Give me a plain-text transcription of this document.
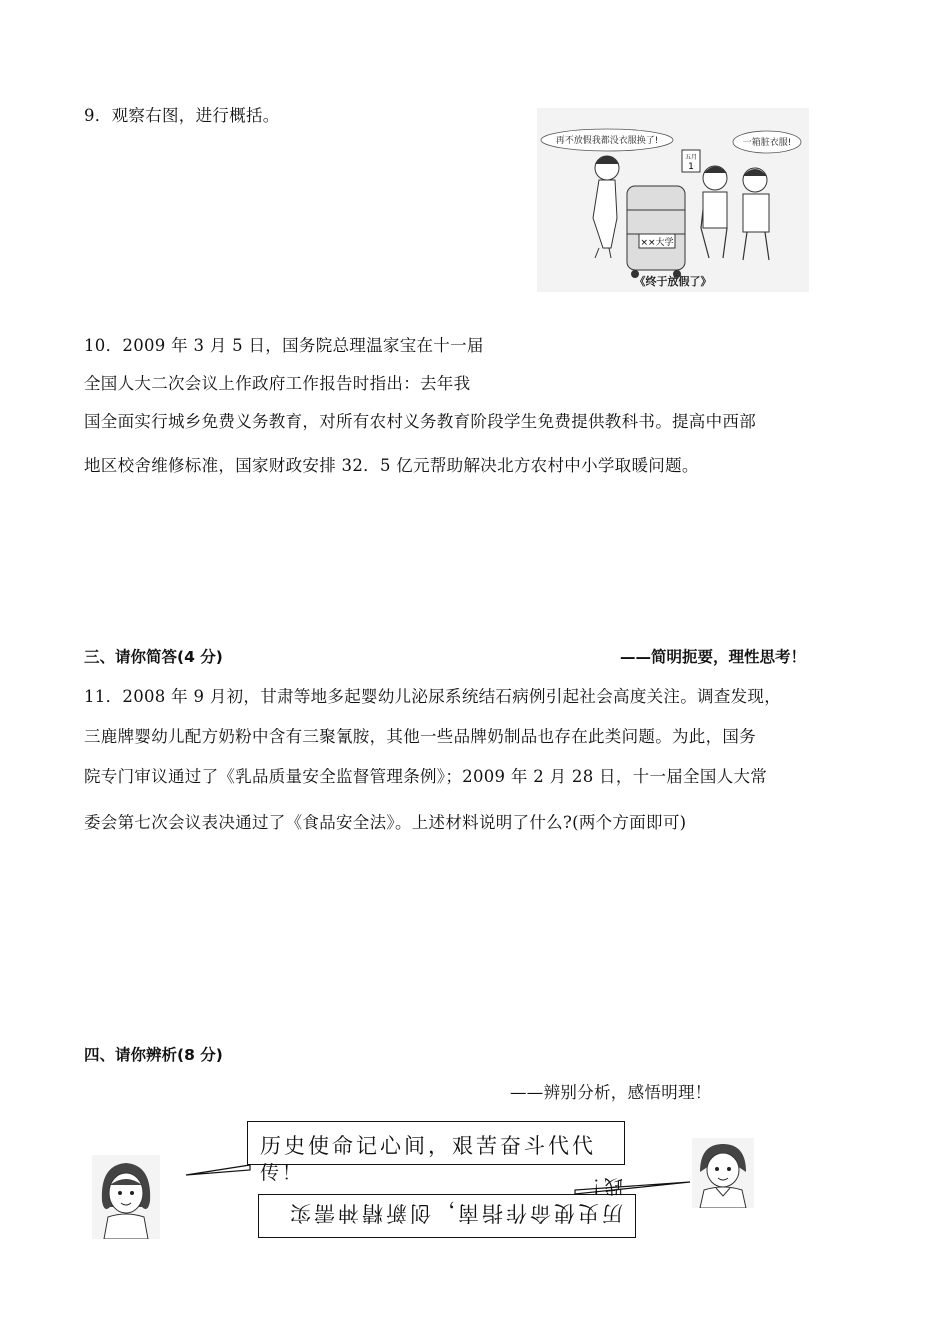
9．观察右图，进行概括。
再不放假我都没衣服换了!	一箱脏衣服!
五月
1
××大学
《终于放假了》
10．2009 年 3 月 5 日，国务院总理温家宝在十一届
全国人大二次会议上作政府工作报告时指出：去年我
国全面实行城乡免费义务教育，对所有农村义务教育阶段学生免费提供教科书。提高中西部
地区校舍维修标准，国家财政安排 32．5 亿元帮助解决北方农村中小学取暖问题。
三、请你简答(4 分)	——简明扼要，理性思考！
11．2008 年 9 月初，甘肃等地多起婴幼儿泌尿系统结石病例引起社会高度关注。调查发现，
三鹿牌婴幼儿配方奶粉中含有三聚氰胺，其他一些品牌奶制品也存在此类问题。为此，国务
院专门审议通过了《乳品质量安全监督管理条例》；2009 年 2 月 28 日，十一届全国人大常
委会第七次会议表决通过了《食品安全法》。上述材料说明了什么?(两个方面即可)
四、请你辨析(8 分)
——辨别分析，感悟明理！
历史使命记心间，艰苦奋斗代代
传！
历史使命作指南，创新精神需实
践！
